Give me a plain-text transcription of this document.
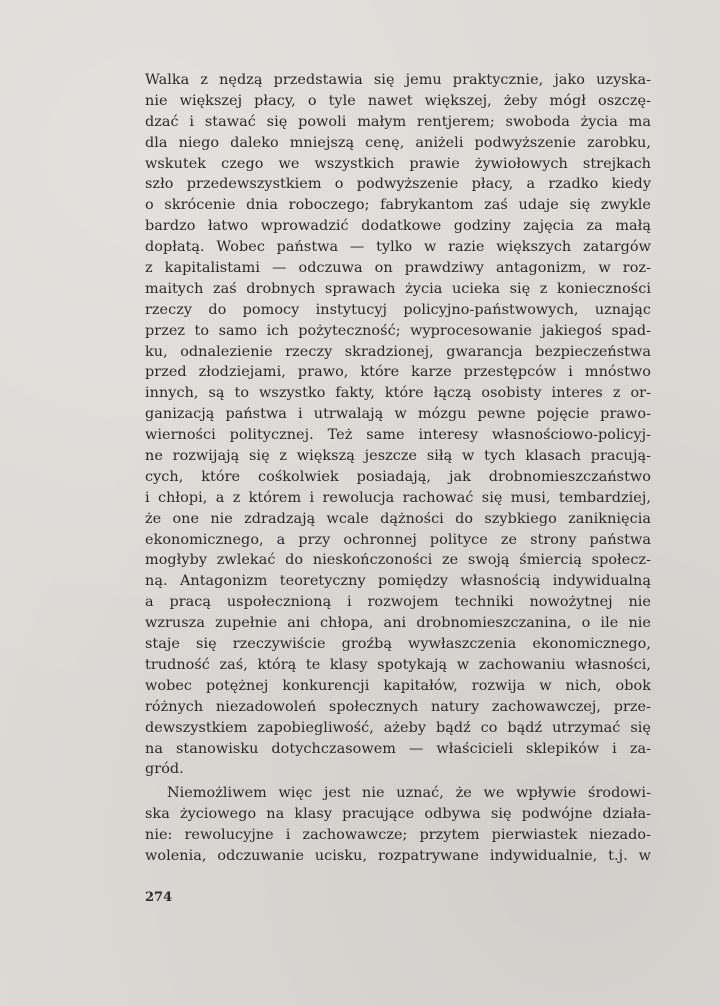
Walka z nędzą przedstawia się jemu praktycznie, jako uzyska-
nie większej płacy, o tyle nawet większej, żeby mógł oszczę-
dzać i stawać się powoli małym rentjerem; swoboda życia ma
dla niego daleko mniejszą cenę, aniżeli podwyższenie zarobku,
wskutek czego we wszystkich prawie żywiołowych strejkach
szło przedewszystkiem o podwyższenie płacy, a rzadko kiedy
o skrócenie dnia roboczego; fabrykantom zaś udaje się zwykle
bardzo łatwo wprowadzić dodatkowe godziny zajęcia za małą
dopłatą. Wobec państwa — tylko w razie większych zatargów
z kapitalistami — odczuwa on prawdziwy antagonizm, w roz-
maitych zaś drobnych sprawach życia ucieka się z konieczności
rzeczy do pomocy instytucyj policyjno-państwowych, uznając
przez to samo ich pożyteczność; wyprocesowanie jakiegoś spad-
ku, odnalezienie rzeczy skradzionej, gwarancja bezpieczeństwa
przed złodziejami, prawo, które karze przestępców i mnóstwo
innych, są to wszystko fakty, które łączą osobisty interes z or-
ganizacją państwa i utrwalają w mózgu pewne pojęcie prawo-
wierności politycznej. Też same interesy własnościowo-policyj-
ne rozwijają się z większą jeszcze siłą w tych klasach pracują-
cych, które cośkolwiek posiadają, jak drobnomieszczaństwo
i chłopi, a z którem i rewolucja rachować się musi, tembardziej,
że one nie zdradzają wcale dążności do szybkiego zaniknięcia
ekonomicznego, a przy ochronnej polityce ze strony państwa
mogłyby zwlekać do nieskończoności ze swoją śmiercią społecz-
ną. Antagonizm teoretyczny pomiędzy własnością indywidualną
a pracą uspołecznioną i rozwojem techniki nowożytnej nie
wzrusza zupełnie ani chłopa, ani drobnomieszczanina, o ile nie
staje się rzeczywiście groźbą wywłaszczenia ekonomicznego,
trudność zaś, którą te klasy spotykają w zachowaniu własności,
wobec potężnej konkurencji kapitałów, rozwija w nich, obok
różnych niezadowoleń społecznych natury zachowawczej, prze-
dewszystkiem zapobiegliwość, ażeby bądź co bądź utrzymać się
na stanowisku dotychczasowem — właścicieli sklepików i za-
gród.
Niemożliwem więc jest nie uznać, że we wpływie środowi-
ska życiowego na klasy pracujące odbywa się podwójne działa-
nie: rewolucyjne i zachowawcze; przytem pierwiastek niezado-
wolenia, odczuwanie ucisku, rozpatrywane indywidualnie, t.j. w
274
